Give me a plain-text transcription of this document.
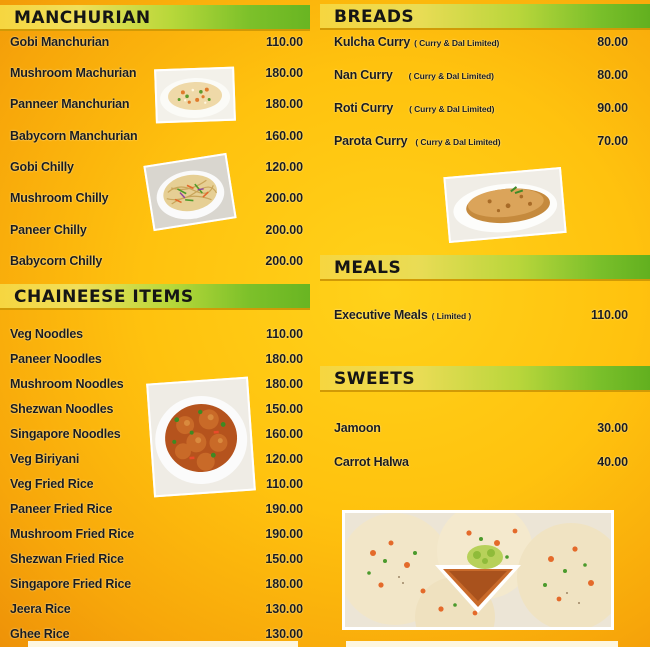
MANCHURIAN
Gobi Manchurian	110.00
Mushroom Machurian	180.00
Panneer Manchurian	180.00
Babycorn Manchurian	160.00
Gobi Chilly	120.00
Mushroom Chilly	200.00
Paneer Chilly	200.00
Babycorn Chilly	200.00
CHAINEESE ITEMS
Veg Noodles	110.00
Paneer Noodles	180.00
Mushroom Noodles	180.00
Shezwan Noodles	150.00
Singapore Noodles	160.00
Veg Biriyani	120.00
Veg Fried Rice	110.00
Paneer Fried Rice	190.00
Mushroom Fried Rice	190.00
Shezwan Fried Rice	150.00
Singapore Fried Rice	180.00
Jeera Rice	130.00
Ghee Rice	130.00
BREADS
Kulcha Curry ( Curry & Dal Limited)	80.00
Nan Curry ( Curry & Dal Limited)	80.00
Roti Curry ( Curry & Dal Limited)	90.00
Parota Curry ( Curry & Dal Limited)	70.00
MEALS
Executive Meals ( Limited )	110.00
SWEETS
Jamoon	30.00
Carrot Halwa	40.00
